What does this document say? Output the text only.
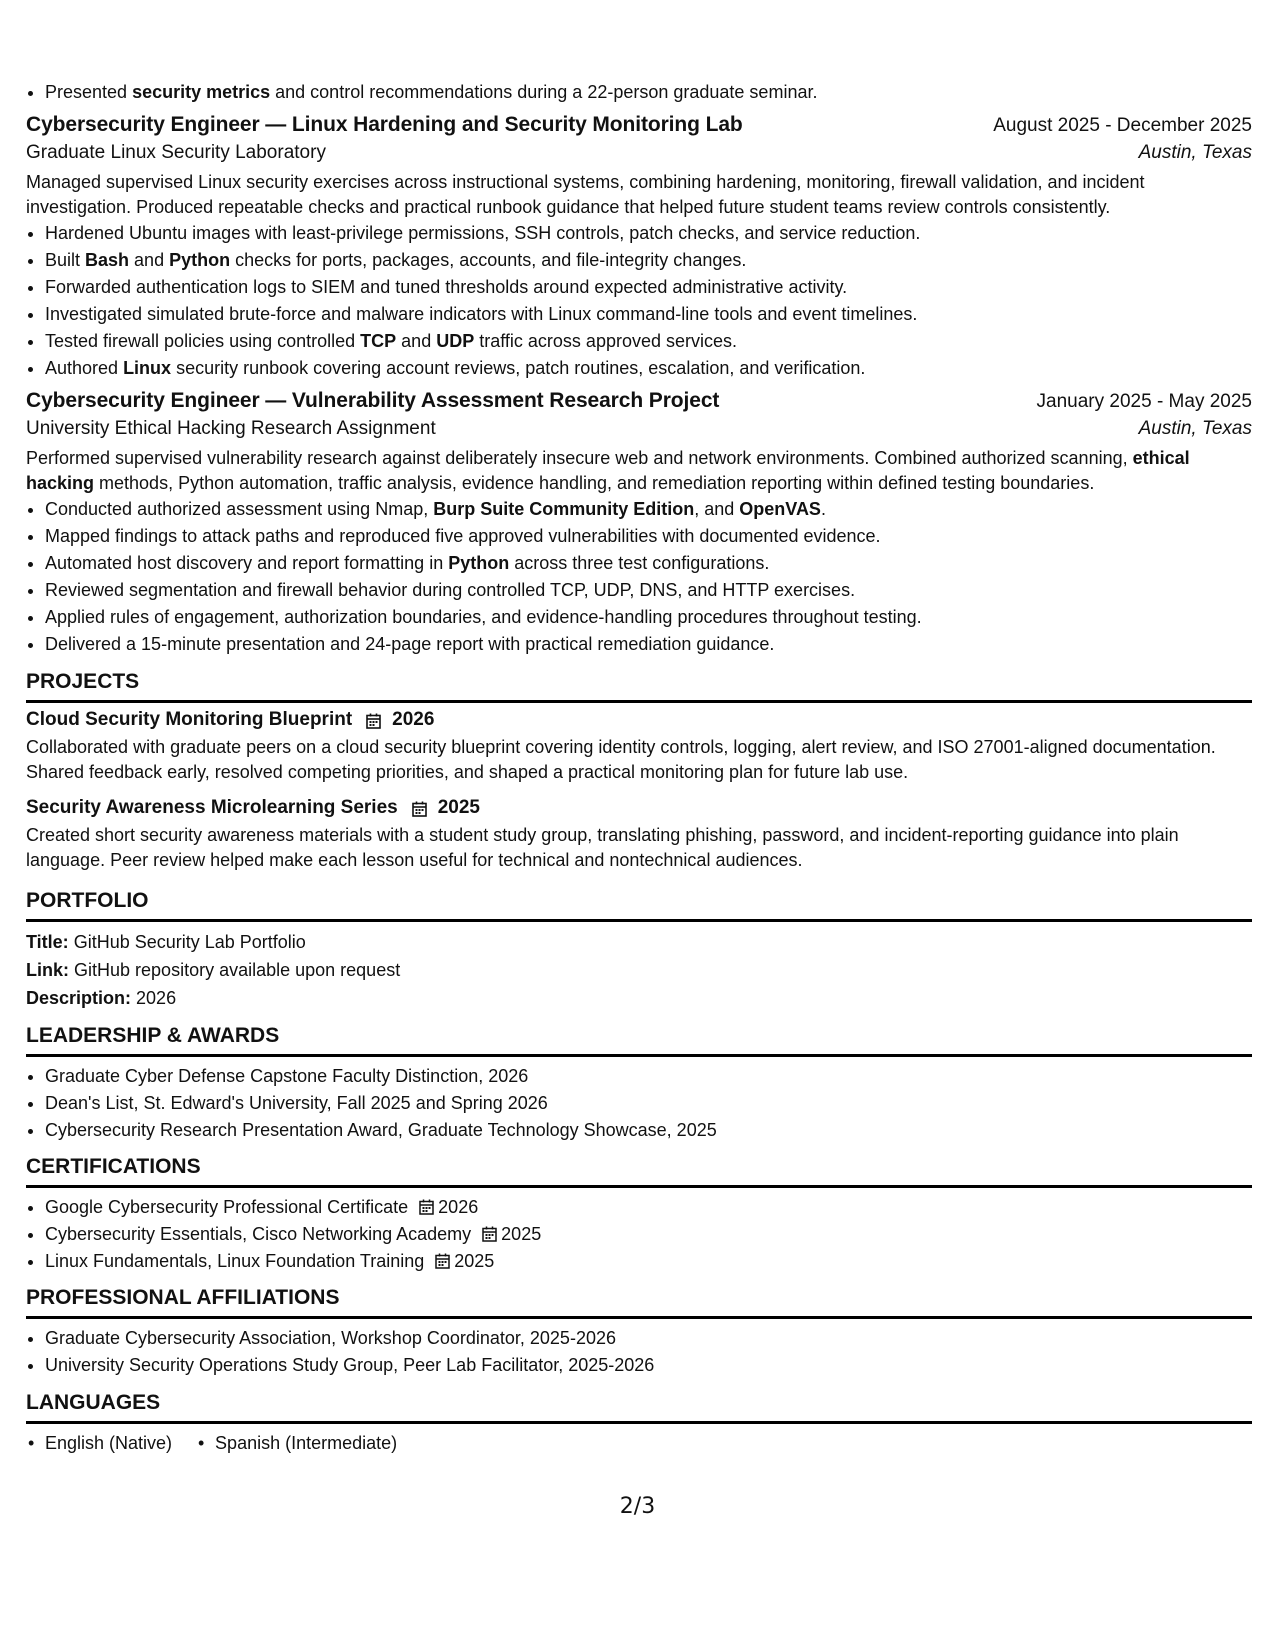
• Presented security metrics and control recommendations during a 22-person graduate seminar.
Cybersecurity Engineer — Linux Hardening and Security Monitoring Lab	August 2025 - December 2025
Graduate Linux Security Laboratory	Austin, Texas
Managed supervised Linux security exercises across instructional systems, combining hardening, monitoring, firewall validation, and incident investigation. Produced repeatable checks and practical runbook guidance that helped future student teams review controls consistently.
• Hardened Ubuntu images with least-privilege permissions, SSH controls, patch checks, and service reduction.
• Built Bash and Python checks for ports, packages, accounts, and file-integrity changes.
• Forwarded authentication logs to SIEM and tuned thresholds around expected administrative activity.
• Investigated simulated brute-force and malware indicators with Linux command-line tools and event timelines.
• Tested firewall policies using controlled TCP and UDP traffic across approved services.
• Authored Linux security runbook covering account reviews, patch routines, escalation, and verification.
Cybersecurity Engineer — Vulnerability Assessment Research Project	January 2025 - May 2025
University Ethical Hacking Research Assignment	Austin, Texas
Performed supervised vulnerability research against deliberately insecure web and network environments. Combined authorized scanning, ethical hacking methods, Python automation, traffic analysis, evidence handling, and remediation reporting within defined testing boundaries.
• Conducted authorized assessment using Nmap, Burp Suite Community Edition, and OpenVAS.
• Mapped findings to attack paths and reproduced five approved vulnerabilities with documented evidence.
• Automated host discovery and report formatting in Python across three test configurations.
• Reviewed segmentation and firewall behavior during controlled TCP, UDP, DNS, and HTTP exercises.
• Applied rules of engagement, authorization boundaries, and evidence-handling procedures throughout testing.
• Delivered a 15-minute presentation and 24-page report with practical remediation guidance.
PROJECTS
Cloud Security Monitoring Blueprint 2026
Collaborated with graduate peers on a cloud security blueprint covering identity controls, logging, alert review, and ISO 27001-aligned documentation. Shared feedback early, resolved competing priorities, and shaped a practical monitoring plan for future lab use.
Security Awareness Microlearning Series 2025
Created short security awareness materials with a student study group, translating phishing, password, and incident-reporting guidance into plain language. Peer review helped make each lesson useful for technical and nontechnical audiences.
PORTFOLIO
Title: GitHub Security Lab Portfolio
Link: GitHub repository available upon request
Description: 2026
LEADERSHIP & AWARDS
• Graduate Cyber Defense Capstone Faculty Distinction, 2026
• Dean's List, St. Edward's University, Fall 2025 and Spring 2026
• Cybersecurity Research Presentation Award, Graduate Technology Showcase, 2025
CERTIFICATIONS
• Google Cybersecurity Professional Certificate 2026
• Cybersecurity Essentials, Cisco Networking Academy 2025
• Linux Fundamentals, Linux Foundation Training 2025
PROFESSIONAL AFFILIATIONS
• Graduate Cybersecurity Association, Workshop Coordinator, 2025-2026
• University Security Operations Study Group, Peer Lab Facilitator, 2025-2026
LANGUAGES
• English (Native)
•	Spanish (Intermediate)
2/3
